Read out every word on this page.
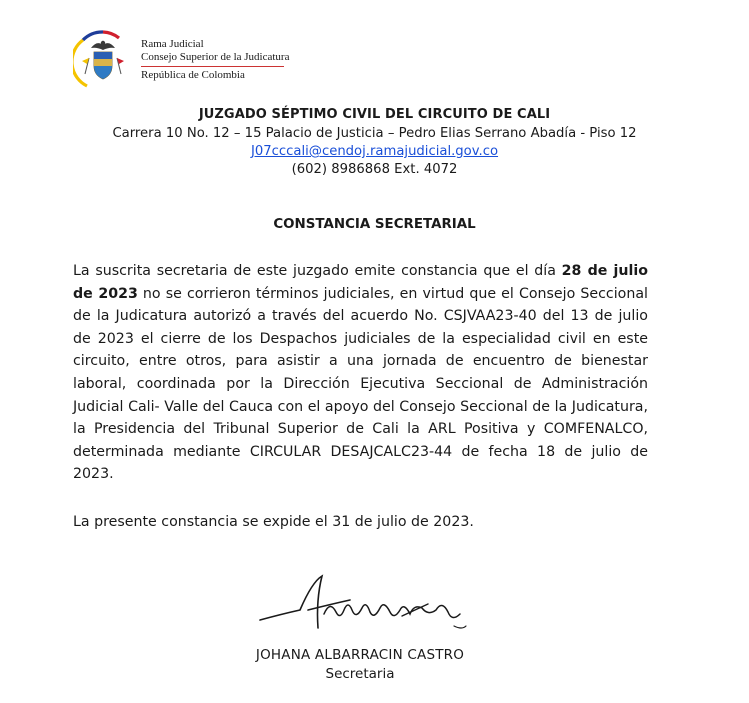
Rama Judicial
Consejo Superior de la Judicatura
República de Colombia
JUZGADO SÉPTIMO CIVIL DEL CIRCUITO DE CALI
Carrera 10 No. 12 – 15 Palacio de Justicia – Pedro Elias Serrano Abadía - Piso 12
J07cccali@cendoj.ramajudicial.gov.co
(602) 8986868 Ext. 4072
CONSTANCIA SECRETARIAL
La suscrita secretaria de este juzgado emite constancia que el día 28 de julio de 2023 no se corrieron términos judiciales, en virtud que el Consejo Seccional de la Judicatura autorizó a través del acuerdo No. CSJVAA23-40 del 13 de julio de 2023 el cierre de los Despachos judiciales de la especialidad civil en este circuito, entre otros, para asistir a una jornada de encuentro de bienestar laboral, coordinada por la Dirección Ejecutiva Seccional de Administración Judicial Cali- Valle del Cauca con el apoyo del Consejo Seccional de la Judicatura, la Presidencia del Tribunal Superior de Cali la ARL Positiva y COMFENALCO, determinada mediante CIRCULAR DESAJCALC23-44 de fecha 18 de julio de 2023.
La presente constancia se expide el 31 de julio de 2023.
JOHANA ALBARRACIN CASTRO
Secretaria
